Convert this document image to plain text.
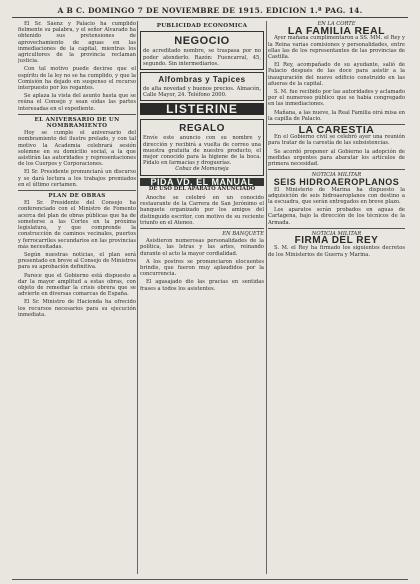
A B C. DOMINGO 7 DE NOVIEMBRE DE 1915. EDICION 1.ª PAG. 14.

El Sr. Sáenz y Palacio ha cumplido fielmente su palabra, y el señor Alvarado ha obtenido sus pretensiones de aprovechamiento de aguas en las inmediaciones de la capital, mientras los agricultores de la provincia reclaman justicia.

Con tal motivo puede decirse que el espíritu de la ley no se ha cumplido, y que la Comisión ha dejado en suspenso el recurso interpuesto por los regantes.

Se aplaza la vista del asunto hasta que se reúna el Consejo y sean oídas las partes interesadas en el expediente.

EL ANIVERSARIO DE UN NOMBRAMIENTO

Hoy se cumple el aniversario del nombramiento del ilustre prelado, y con tal motivo la Academia celebrará sesión solemne en su domicilio social, a la que asistirán las autoridades y representaciones de los Cuerpos y Corporaciones.

El Sr. Presidente pronunciará un discurso y se dará lectura a los trabajos premiados en el último certamen.

PLAN DE OBRAS

El Sr. Presidente del Consejo ha conferenciado con el Ministro de Fomento acerca del plan de obras públicas que ha de someterse a las Cortes en la próxima legislatura, y que comprende la construcción de caminos vecinales, puertos y ferrocarriles secundarios en las provincias más necesitadas.

Según nuestras noticias, el plan será presentado en breve al Consejo de Ministros para su aprobación definitiva.

Parece que el Gobierno está dispuesto a dar la mayor amplitud a estas obras, con objeto de remediar la crisis obrera que se advierte en diversas comarcas de España.

El Sr. Ministro de Hacienda ha ofrecido los recursos necesarios para su ejecución inmediata.

PUBLICIDAD ECONOMICA
NEGOCIO
de acreditado nombre, se traspasa por no poder atenderlo. Razón: Fuencarral, 45, segundo. Sin intermediarios.
Alfombras y Tapices
de alta novedad y buenos precios. Almacén, Calle Mayor, 24. Teléfono 2000.
LISTERINE
REGALO
Envíe este anuncio con su nombre y dirección y recibirá a vuelta de correo una muestra gratuita de nuestro producto, el mejor conocido para la higiene de la boca. Pídalo en farmacias y droguerías.
Cobaz de Momaneja
PIDA VD. EL MANUAL
DE USO DEL APARATO ANUNCIADO

Anoche se celebró en un conocido restaurante de la Carrera de San Jerónimo el banquete organizado por los amigos del distinguido escritor, con motivo de su reciente triunfo en el Ateneo.

EN BANQUETE

Asistieron numerosas personalidades de la política, las letras y las artes, reinando durante el acto la mayor cordialidad.

A los postres se pronunciaron elocuentes brindis, que fueron muy aplaudidos por la concurrencia.

El agasajado dio las gracias en sentidas frases a todos los asistentes.

EN LA CORTE
LA FAMILIA REAL

Ayer mañana cumplimentaron a SS. MM. el Rey y la Reina varias comisiones y personalidades, entre ellas las de los representantes de las provincias de Castilla.

El Rey, acompañado de su ayudante, salió de Palacio después de las doce para asistir a la inauguración del nuevo edificio construido en las afueras de la capital.

S. M. fue recibido por las autoridades y aclamado por el numeroso público que se había congregado en las inmediaciones.

Mañana, a las nueve, la Real Familia oirá misa en la capilla de Palacio.

LA CARESTIA

En el Gobierno civil se celebró ayer una reunión para tratar de la carestía de las subsistencias.

Se acordó proponer al Gobierno la adopción de medidas urgentes para abaratar los artículos de primera necesidad.

NOTICIA MILITAR
SEIS HIDROAEROPLANOS

El Ministerio de Marina ha dispuesto la adquisición de seis hidroaeroplanos con destino a la escuadra, que serán entregados en breve plazo.

Los aparatos serán probados en aguas de Cartagena, bajo la dirección de los técnicos de la Armada.

NOTICIA MILITAR
FIRMA DEL REY

S. M. el Rey ha firmado los siguientes decretos de los Ministerios de Guerra y Marina.
